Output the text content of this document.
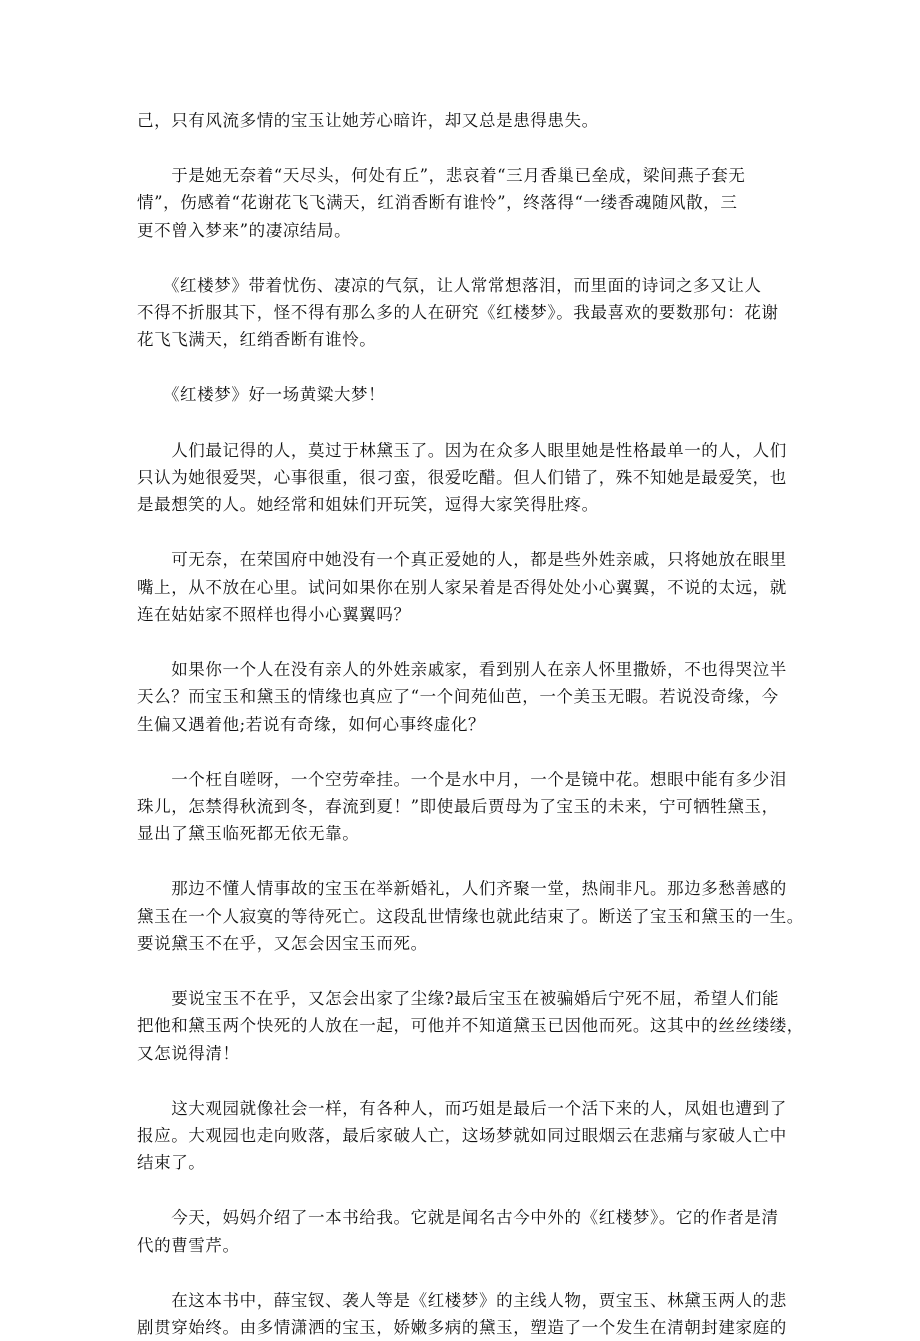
己，只有风流多情的宝玉让她芳心暗许，却又总是患得患失。
　　于是她无奈着“天尽头，何处有丘”，悲哀着“三月香巢已垒成，梁间燕子套无
情”，伤感着“花谢花飞飞满天，红消香断有谁怜”，终落得“一缕香魂随风散，三
更不曾入梦来”的凄凉结局。
　　《红楼梦》带着忧伤、凄凉的气氛，让人常常想落泪，而里面的诗词之多又让人
不得不折服其下，怪不得有那么多的人在研究《红楼梦》。我最喜欢的要数那句：花谢
花飞飞满天，红绡香断有谁怜。
　　《红楼梦》好一场黄粱大梦！
　　人们最记得的人，莫过于林黛玉了。因为在众多人眼里她是性格最单一的人，人们
只认为她很爱哭，心事很重，很刁蛮，很爱吃醋。但人们错了，殊不知她是最爱笑，也
是最想笑的人。她经常和姐妹们开玩笑，逗得大家笑得肚疼。
　　可无奈，在荣国府中她没有一个真正爱她的人，都是些外姓亲戚，只将她放在眼里
嘴上，从不放在心里。试问如果你在别人家呆着是否得处处小心翼翼，不说的太远，就
连在姑姑家不照样也得小心翼翼吗？
　　如果你一个人在没有亲人的外姓亲戚家，看到别人在亲人怀里撒娇，不也得哭泣半
天么？而宝玉和黛玉的情缘也真应了“一个间苑仙芭，一个美玉无暇。若说没奇缘，今
生偏又遇着他;若说有奇缘，如何心事终虚化？
　　一个枉自嗟呀，一个空劳牵挂。一个是水中月，一个是镜中花。想眼中能有多少泪
珠儿，怎禁得秋流到冬，春流到夏！”即使最后贾母为了宝玉的未来，宁可牺牲黛玉，
显出了黛玉临死都无依无靠。
　　那边不懂人情事故的宝玉在举新婚礼，人们齐聚一堂，热闹非凡。那边多愁善感的
黛玉在一个人寂寞的等待死亡。这段乱世情缘也就此结束了。断送了宝玉和黛玉的一生。
要说黛玉不在乎，又怎会因宝玉而死。
　　要说宝玉不在乎，又怎会出家了尘缘?最后宝玉在被骗婚后宁死不屈，希望人们能
把他和黛玉两个快死的人放在一起，可他并不知道黛玉已因他而死。这其中的丝丝缕缕，
又怎说得清！
　　这大观园就像社会一样，有各种人，而巧姐是最后一个活下来的人，凤姐也遭到了
报应。大观园也走向败落，最后家破人亡，这场梦就如同过眼烟云在悲痛与家破人亡中
结束了。
　　今天，妈妈介绍了一本书给我。它就是闻名古今中外的《红楼梦》。它的作者是清
代的曹雪芹。
　　在这本书中，薛宝钗、袭人等是《红楼梦》的主线人物，贾宝玉、林黛玉两人的悲
剧贯穿始终。由多情潇洒的宝玉，娇嫩多病的黛玉，塑造了一个发生在清朝封建家庭的
